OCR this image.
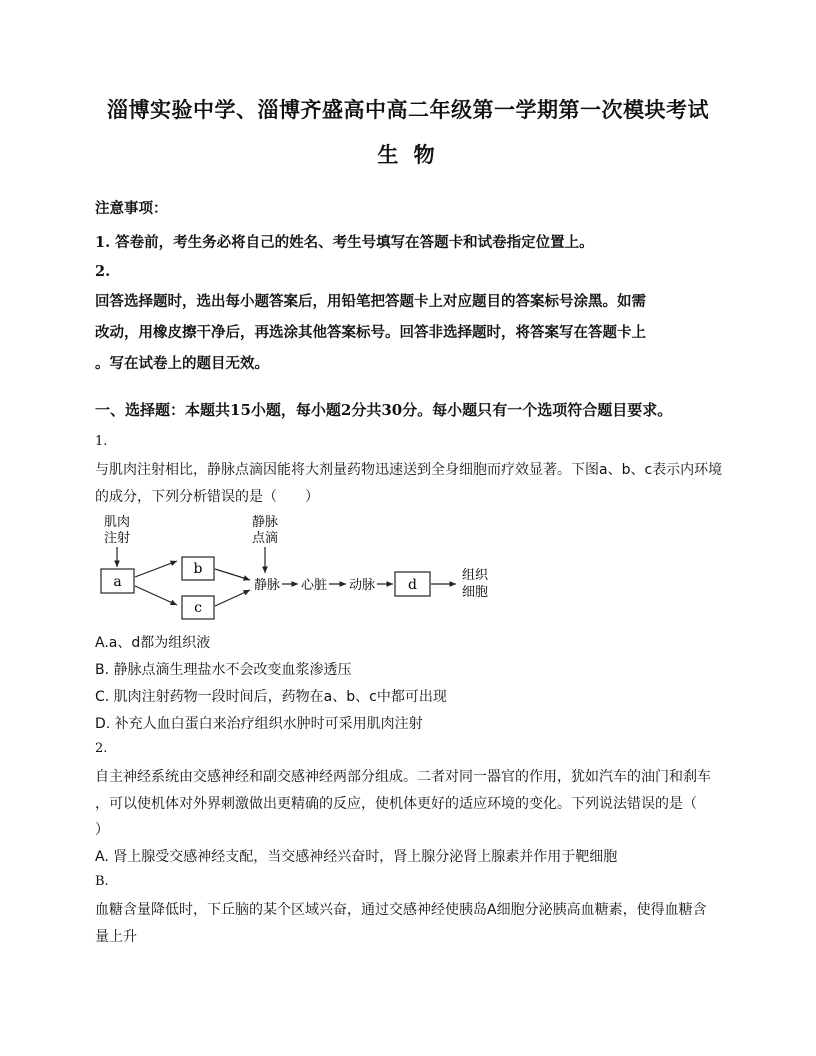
淄博实验中学、淄博齐盛高中高二年级第一学期第一次模块考试
生 物
注意事项：
1. 答卷前，考生务必将自己的姓名、考生号填写在答题卡和试卷指定位置上。
2.
回答选择题时，选出每小题答案后，用铅笔把答题卡上对应题目的答案标号涂黑。如需
改动，用橡皮擦干净后，再选涂其他答案标号。回答非选择题时，将答案写在答题卡上
。写在试卷上的题目无效。
一、选择题：本题共15小题，每小题2分共30分。每小题只有一个选项符合题目要求。
1.
与肌肉注射相比，静脉点滴因能将大剂量药物迅速送到全身细胞而疗效显著。下图a、b、c表示内环境
的成分，下列分析错误的是（　　）
肌肉
注射
a
b
c
静脉
点滴
静脉 心脏 动脉 d
组织
细胞
A.a、d都为组织液
B. 静脉点滴生理盐水不会改变血浆渗透压
C. 肌肉注射药物一段时间后，药物在a、b、c中都可出现
D. 补充人血白蛋白来治疗组织水肿时可采用肌肉注射
2.
自主神经系统由交感神经和副交感神经两部分组成。二者对同一器官的作用，犹如汽车的油门和刹车
，可以使机体对外界刺激做出更精确的反应，使机体更好的适应环境的变化。下列说法错误的是（
）
A. 肾上腺受交感神经支配，当交感神经兴奋时，肾上腺分泌肾上腺素并作用于靶细胞
B.
血糖含量降低时，下丘脑的某个区域兴奋，通过交感神经使胰岛A细胞分泌胰高血糖素，使得血糖含
量上升
